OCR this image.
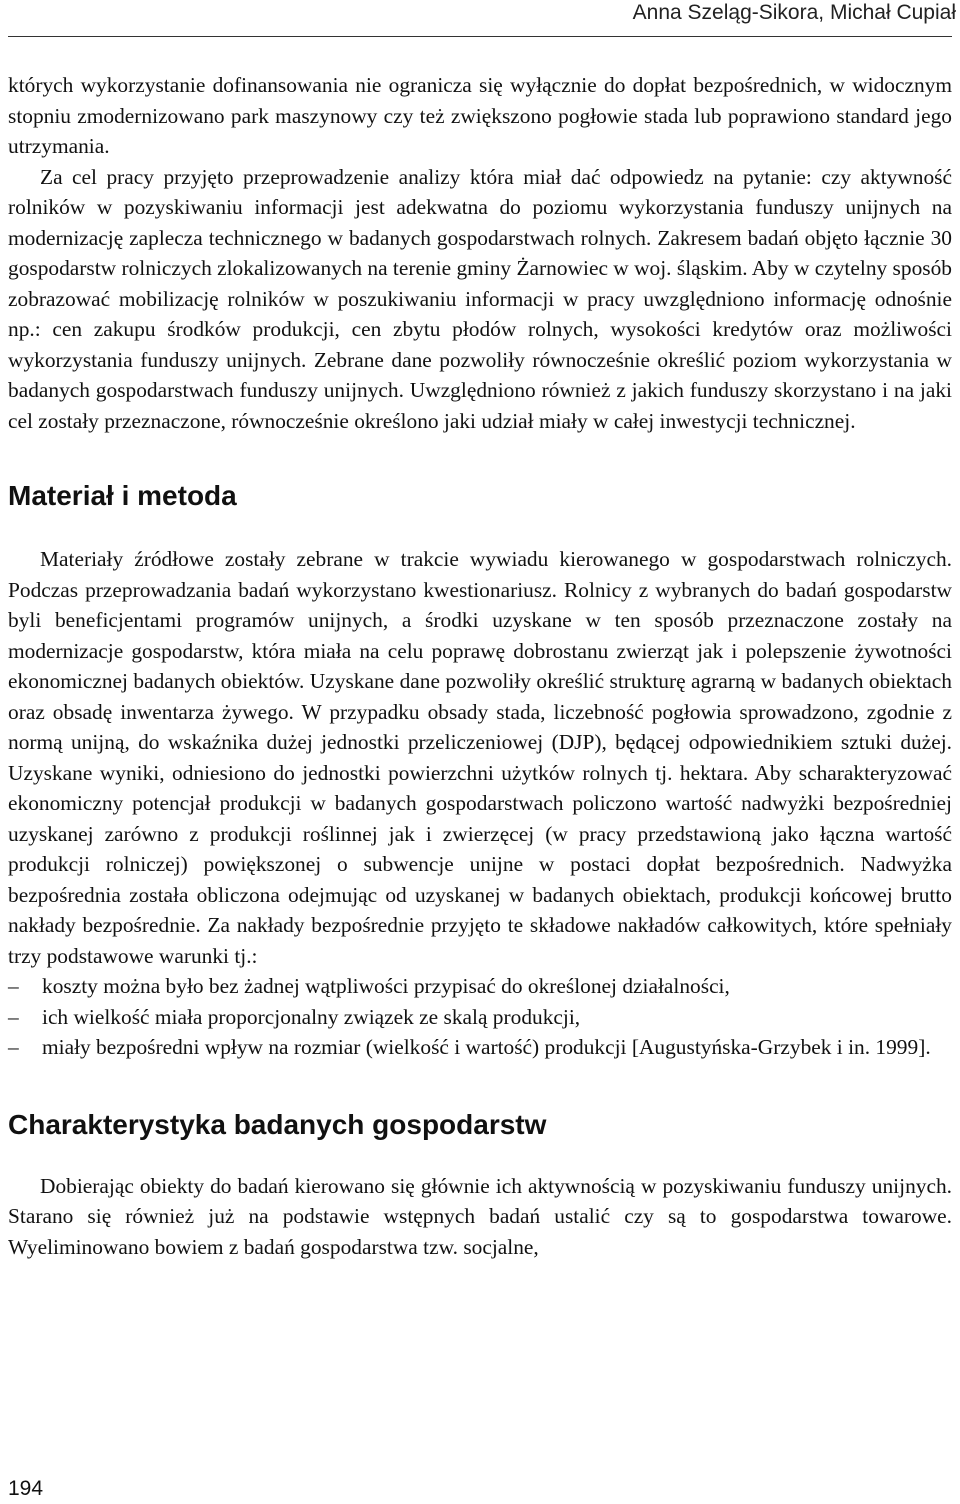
Anna Szeląg-Sikora, Michał Cupiał

których wykorzystanie dofinansowania nie ogranicza się wyłącznie do dopłat bezpośrednich, w widocznym stopniu zmodernizowano park maszynowy czy też zwiększono pogłowie stada lub poprawiono standard jego utrzymania.

Za cel pracy przyjęto przeprowadzenie analizy która miał dać odpowiedz na pytanie: czy aktywność rolników w pozyskiwaniu informacji jest adekwatna do poziomu wykorzystania funduszy unijnych na modernizację zaplecza technicznego w badanych gospodarstwach rolnych. Zakresem badań objęto łącznie 30 gospodarstw rolniczych zlokalizowanych na terenie gminy Żarnowiec w woj. śląskim. Aby w czytelny sposób zobrazować mobilizację rolników w poszukiwaniu informacji w pracy uwzględniono informację odnośnie np.: cen zakupu środków produkcji, cen zbytu płodów rolnych, wysokości kredytów oraz możliwości wykorzystania funduszy unijnych. Zebrane dane pozwoliły równocześnie określić poziom wykorzystania w badanych gospodarstwach funduszy unijnych. Uwzględniono również z jakich funduszy skorzystano i na jaki cel zostały przeznaczone, równocześnie określono jaki udział miały w całej inwestycji technicznej.

Materiał i metoda

Materiały źródłowe zostały zebrane w trakcie wywiadu kierowanego w gospodarstwach rolniczych. Podczas przeprowadzania badań wykorzystano kwestionariusz. Rolnicy z wybranych do badań gospodarstw byli beneficjentami programów unijnych, a środki uzyskane w ten sposób przeznaczone zostały na modernizacje gospodarstw, która miała na celu poprawę dobrostanu zwierząt jak i polepszenie żywotności ekonomicznej badanych obiektów. Uzyskane dane pozwoliły określić strukturę agrarną w badanych obiektach oraz obsadę inwentarza żywego. W przypadku obsady stada, liczebność pogłowia sprowadzono, zgodnie z normą unijną, do wskaźnika dużej jednostki przeliczeniowej (DJP), będącej odpowiednikiem sztuki dużej. Uzyskane wyniki, odniesiono do jednostki powierzchni użytków rolnych tj. hektara. Aby scharakteryzować ekonomiczny potencjał produkcji w badanych gospodarstwach policzono wartość nadwyżki bezpośredniej uzyskanej zarówno z produkcji roślinnej jak i zwierzęcej (w pracy przedstawioną jako łączna wartość produkcji rolniczej) powiększonej o subwencje unijne w postaci dopłat bezpośrednich. Nadwyżka bezpośrednia została obliczona odejmując od uzyskanej w badanych obiektach, produkcji końcowej brutto nakłady bezpośrednie. Za nakłady bezpośrednie przyjęto te składowe nakładów całkowitych, które spełniały trzy podstawowe warunki tj.:

– koszty można było bez żadnej wątpliwości przypisać do określonej działalności,
– ich wielkość miała proporcjonalny związek ze skalą produkcji,
– miały bezpośredni wpływ na rozmiar (wielkość i wartość) produkcji [Augustyńska-Grzybek i in. 1999].
Charakterystyka badanych gospodarstw

Dobierając obiekty do badań kierowano się głównie ich aktywnością w pozyskiwaniu funduszy unijnych. Starano się również już na podstawie wstępnych badań ustalić czy są to gospodarstwa towarowe. Wyeliminowano bowiem z badań gospodarstwa tzw. socjalne,

194
